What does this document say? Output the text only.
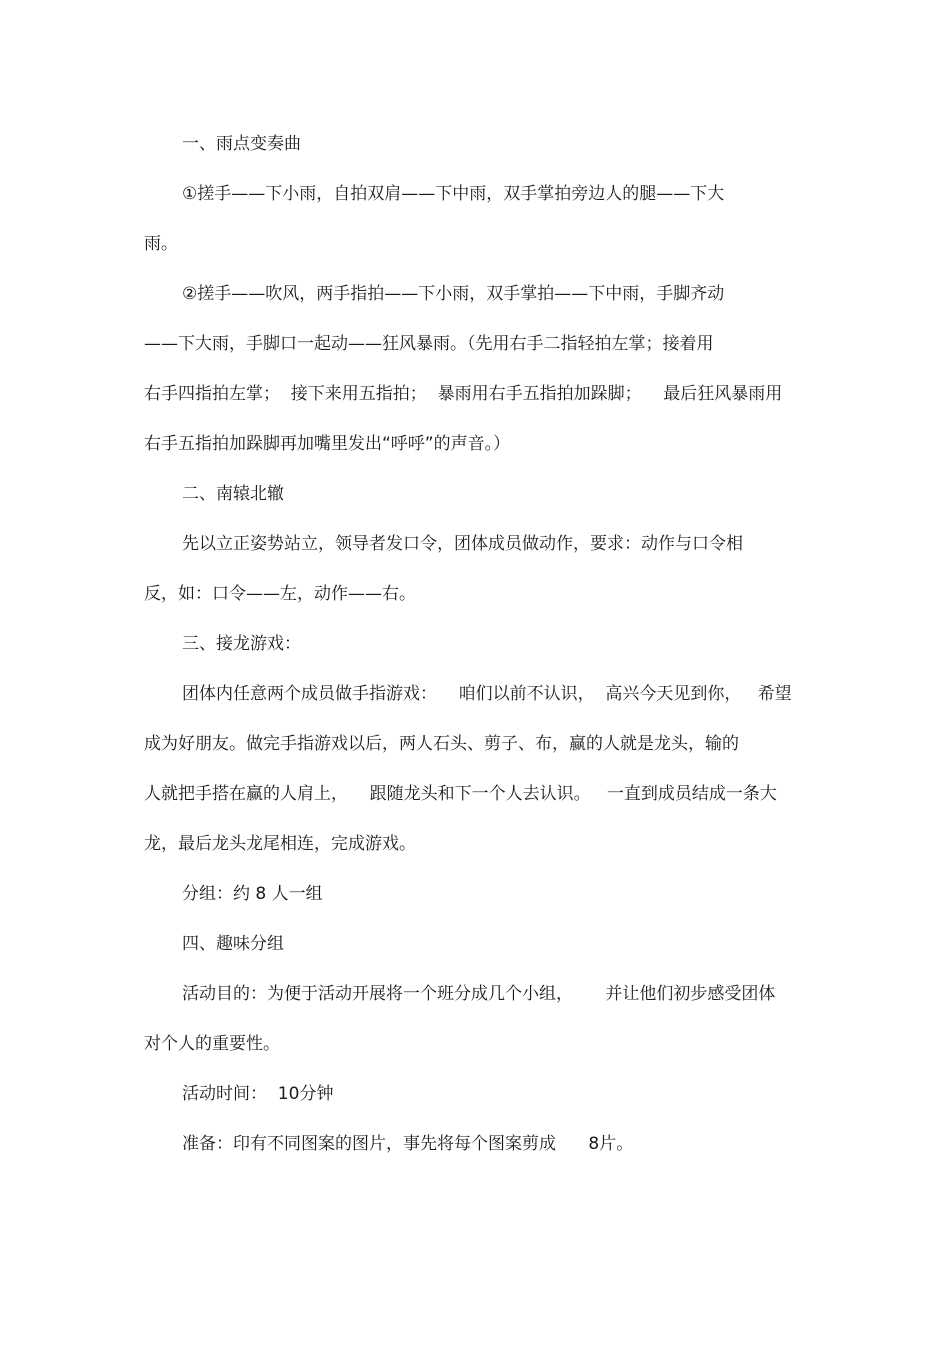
一、雨点变奏曲
①搓手——下小雨，自拍双肩——下中雨，双手掌拍旁边人的腿——下大
雨。
②搓手——吹风，两手指拍——下小雨，双手掌拍——下中雨，手脚齐动
——下大雨，手脚口一起动——狂风暴雨。（先用右手二指轻拍左掌；接着用
右手四指拍左掌；  接下来用五指拍；  暴雨用右手五指拍加跺脚；    最后狂风暴雨用
右手五指拍加跺脚再加嘴里发出“呼呼”的声音。）
二、南辕北辙
先以立正姿势站立，领导者发口令，团体成员做动作，要求：动作与口令相
反，如：口令——左，动作——右。
三、接龙游戏：
团体内任意两个成员做手指游戏：    咱们以前不认识，  高兴今天见到你，   希望
成为好朋友。做完手指游戏以后，两人石头、剪子、布，赢的人就是龙头，输的
人就把手搭在赢的人肩上，    跟随龙头和下一个人去认识。   一直到成员结成一条大
龙，最后龙头龙尾相连，完成游戏。
分组：约 8 人一组
四、趣味分组
活动目的：为便于活动开展将一个班分成几个小组，      并让他们初步感受团体
对个人的重要性。
活动时间：  10分钟
准备：印有不同图案的图片，事先将每个图案剪成      8片。
